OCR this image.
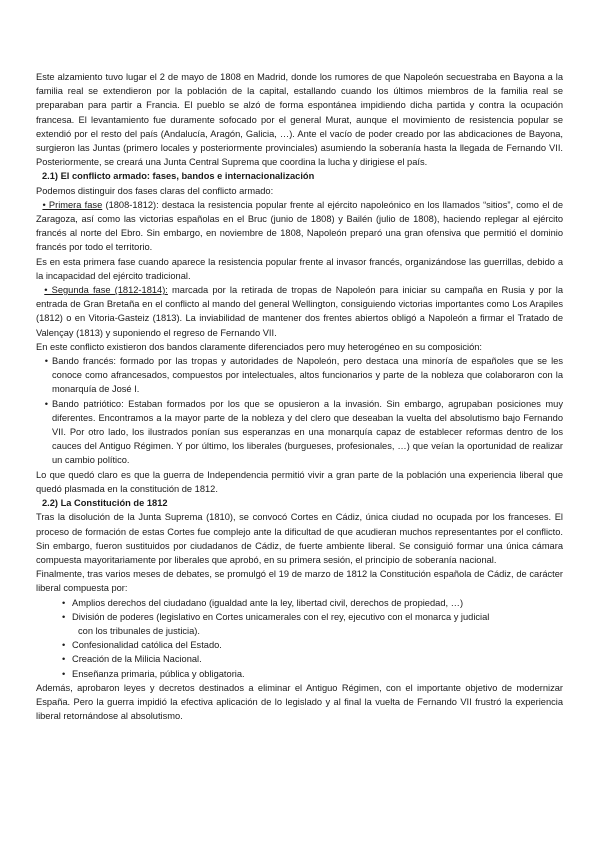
Este alzamiento tuvo lugar el 2 de mayo de 1808 en Madrid, donde los rumores de que Napoleón secuestraba en Bayona a la familia real se extendieron por la población de la capital, estallando cuando los últimos miembros de la familia real se preparaban para partir a Francia. El pueblo se alzó de forma espontánea impidiendo dicha partida y contra la ocupación francesa. El levantamiento fue duramente sofocado por el general Murat, aunque el movimiento de resistencia popular se extendió por el resto del país (Andalucía, Aragón, Galicia, …). Ante el vacío de poder creado por las abdicaciones de Bayona, surgieron las Juntas (primero locales y posteriormente provinciales) asumiendo la soberanía hasta la llegada de Fernando VII. Posteriormente, se creará una Junta Central Suprema que coordina la lucha y dirigiese el país.

2.1) El conflicto armado: fases, bandos e internacionalización

Podemos distinguir dos fases claras del conflicto armado:

• Primera fase (1808-1812): destaca la resistencia popular frente al ejército napoleónico en los llamados “sitios”, como el de Zaragoza, así como las victorias españolas en el Bruc (junio de 1808) y Bailén (julio de 1808), haciendo replegar al ejército francés al norte del Ebro. Sin embargo, en noviembre de 1808, Napoleón preparó una gran ofensiva que permitió el dominio francés por todo el territorio.

Es en esta primera fase cuando aparece la resistencia popular frente al invasor francés, organizándose las guerrillas, debido a la incapacidad del ejército tradicional.

• Segunda fase (1812-1814): marcada por la retirada de tropas de Napoleón para iniciar su campaña en Rusia y por la entrada de Gran Bretaña en el conflicto al mando del general Wellington, consiguiendo victorias importantes como Los Arapiles (1812) o en Vitoria-Gasteiz (1813). La inviabilidad de mantener dos frentes abiertos obligó a Napoleón a firmar el Tratado de Valençay (1813) y suponiendo el regreso de Fernando VII.

En este conflicto existieron dos bandos claramente diferenciados pero muy heterogéneo en su composición:

• Bando francés: formado por las tropas y autoridades de Napoleón, pero destaca una minoría de españoles que se les conoce como afrancesados, compuestos por intelectuales, altos funcionarios y parte de la nobleza que colaboraron con la monarquía de José I.
• Bando patriótico: Estaban formados por los que se opusieron a la invasión. Sin embargo, agrupaban posiciones muy diferentes. Encontramos a la mayor parte de la nobleza y del clero que deseaban la vuelta del absolutismo bajo Fernando VII. Por otro lado, los ilustrados ponían sus esperanzas en una monarquía capaz de establecer reformas dentro de los cauces del Antiguo Régimen. Y por último, los liberales (burgueses, profesionales, …) que veían la oportunidad de realizar un cambio político.

Lo que quedó claro es que la guerra de Independencia permitió vivir a gran parte de la población una experiencia liberal que quedó plasmada en la constitución de 1812.

2.2) La Constitución de 1812

Tras la disolución de la Junta Suprema (1810), se convocó Cortes en Cádiz, única ciudad no ocupada por los franceses. El proceso de formación de estas Cortes fue complejo ante la dificultad de que acudieran muchos representantes por el conflicto. Sin embargo, fueron sustituidos por ciudadanos de Cádiz, de fuerte ambiente liberal. Se consiguió formar una única cámara compuesta mayoritariamente por liberales que aprobó, en su primera sesión, el principio de soberanía nacional.

Finalmente, tras varios meses de debates, se promulgó el 19 de marzo de 1812 la Constitución española de Cádiz, de carácter liberal compuesta por:

• Amplios derechos del ciudadano (igualdad ante la ley, libertad civil, derechos de propiedad, …)
• División de poderes (legislativo en Cortes unicamerales con el rey, ejecutivo con el monarca y judicial
con los tribunales de justicia).
• Confesionalidad católica del Estado.
• Creación de la Milicia Nacional.
• Enseñanza primaria, pública y obligatoria.

Además, aprobaron leyes y decretos destinados a eliminar el Antiguo Régimen, con el importante objetivo de modernizar España. Pero la guerra impidió la efectiva aplicación de lo legislado y al final la vuelta de Fernando VII frustró la experiencia liberal retornándose al absolutismo.
